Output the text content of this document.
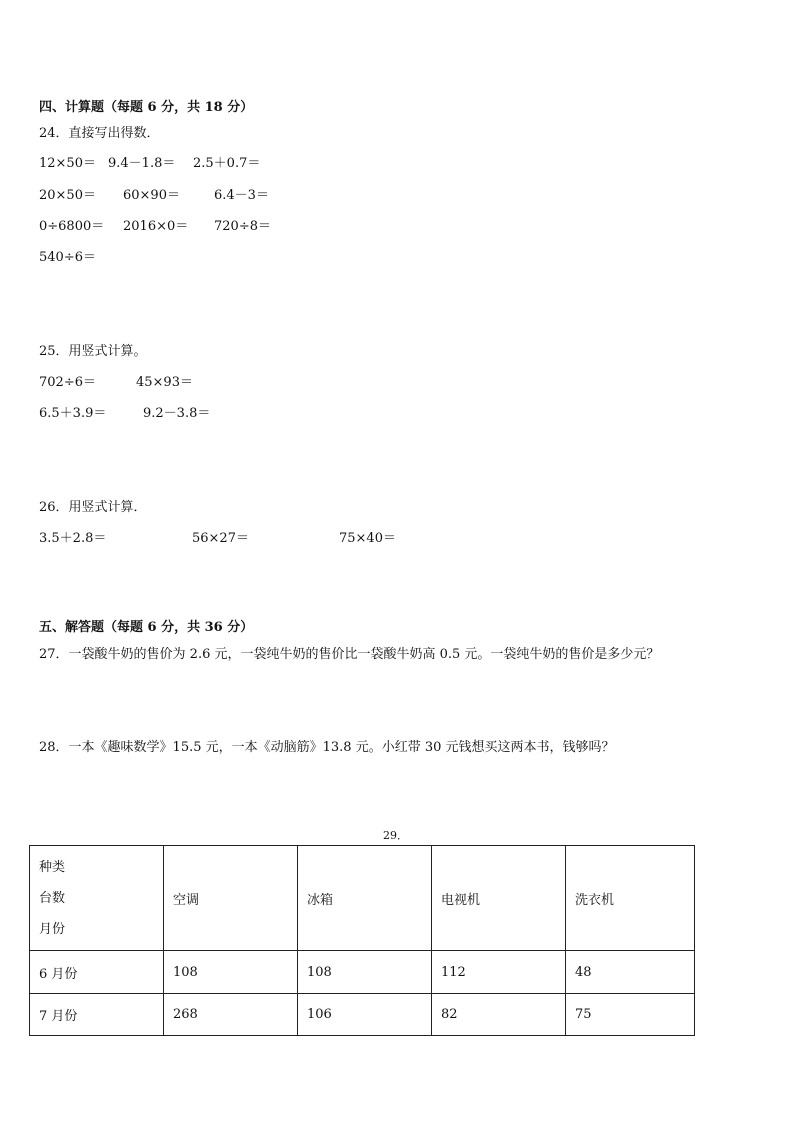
四、计算题（每题 6 分，共 18 分）
24．直接写出得数．
12×50＝ 9.4－1.8＝ 2.5＋0.7＝
20×50＝ 60×90＝	6.4－3＝
0÷6800＝ 2016×0＝ 720÷8＝
540÷6＝
25．用竖式计算。
702÷6＝	45×93＝
6.5＋3.9＝	9.2－3.8＝
26．用竖式计算．
3.5＋2.8＝	56×27＝	75×40＝
五、解答题（每题 6 分，共 36 分）
27．一袋酸牛奶的售价为 2.6 元，一袋纯牛奶的售价比一袋酸牛奶高 0.5 元。一袋纯牛奶的售价是多少元？
28．一本《趣味数学》15.5 元，一本《动脑筋》13.8 元。小红带 30 元钱想买这两本书，钱够吗？
29．
种类
台数
月份	空调	冰箱	电视机	洗衣机
6 月份	108	108	112	48
7 月份	268	106	82	75
